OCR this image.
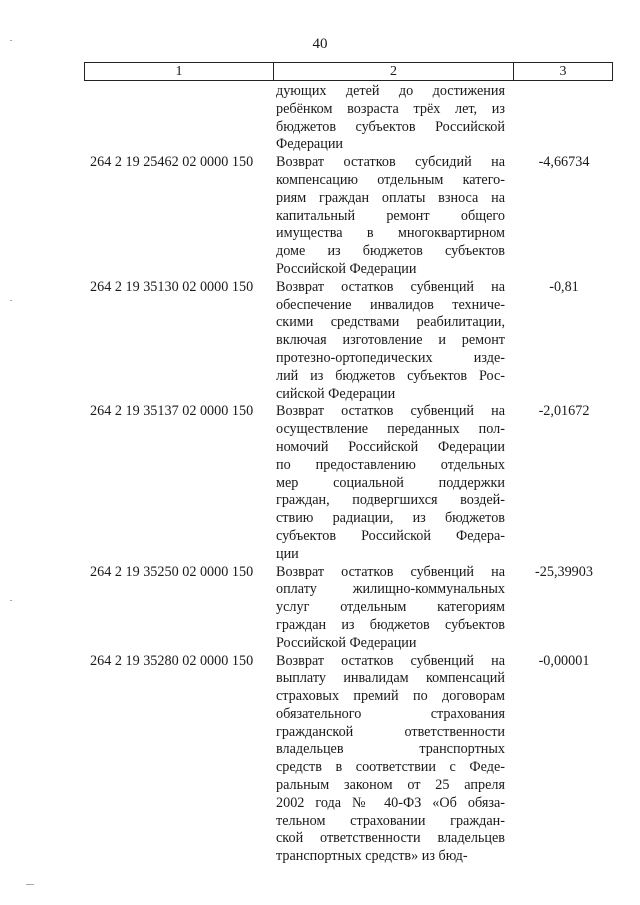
40
1	2	3
дующих детей до достижения
ребёнком возраста трёх лет, из
бюджетов субъектов Российской
Федерации
264 2 19 25462 02 0000 150	Возврат остатков субсидий на
компенсацию отдельным катего-
риям граждан оплаты взноса на
капитальный ремонт общего
имущества в многоквартирном
доме из бюджетов субъектов
Российской Федерации
-4,66734
264 2 19 35130 02 0000 150	Возврат остатков субвенций на
обеспечение инвалидов техниче-
скими средствами реабилитации,
включая изготовление и ремонт
протезно-ортопедических изде-
лий из бюджетов субъектов Рос-
сийской Федерации
-0,81
264 2 19 35137 02 0000 150	Возврат остатков субвенций на
осуществление переданных пол-
номочий Российской Федерации
по предоставлению отдельных
мер социальной поддержки
граждан, подвергшихся воздей-
ствию радиации, из бюджетов
субъектов Российской Федера-
ции
-2,01672
264 2 19 35250 02 0000 150	Возврат остатков субвенций на
оплату жилищно-коммунальных
услуг отдельным категориям
граждан из бюджетов субъектов
Российской Федерации
-25,39903
264 2 19 35280 02 0000 150	Возврат остатков субвенций на
выплату инвалидам компенсаций
страховых премий по договорам
обязательного страхования
гражданской ответственности
владельцев транспортных
средств в соответствии с Феде-
ральным законом от 25 апреля
2002 года № 40-ФЗ «Об обяза-
тельном страховании граждан-
ской ответственности владельцев
транспортных средств» из бюд-
-0,00001
